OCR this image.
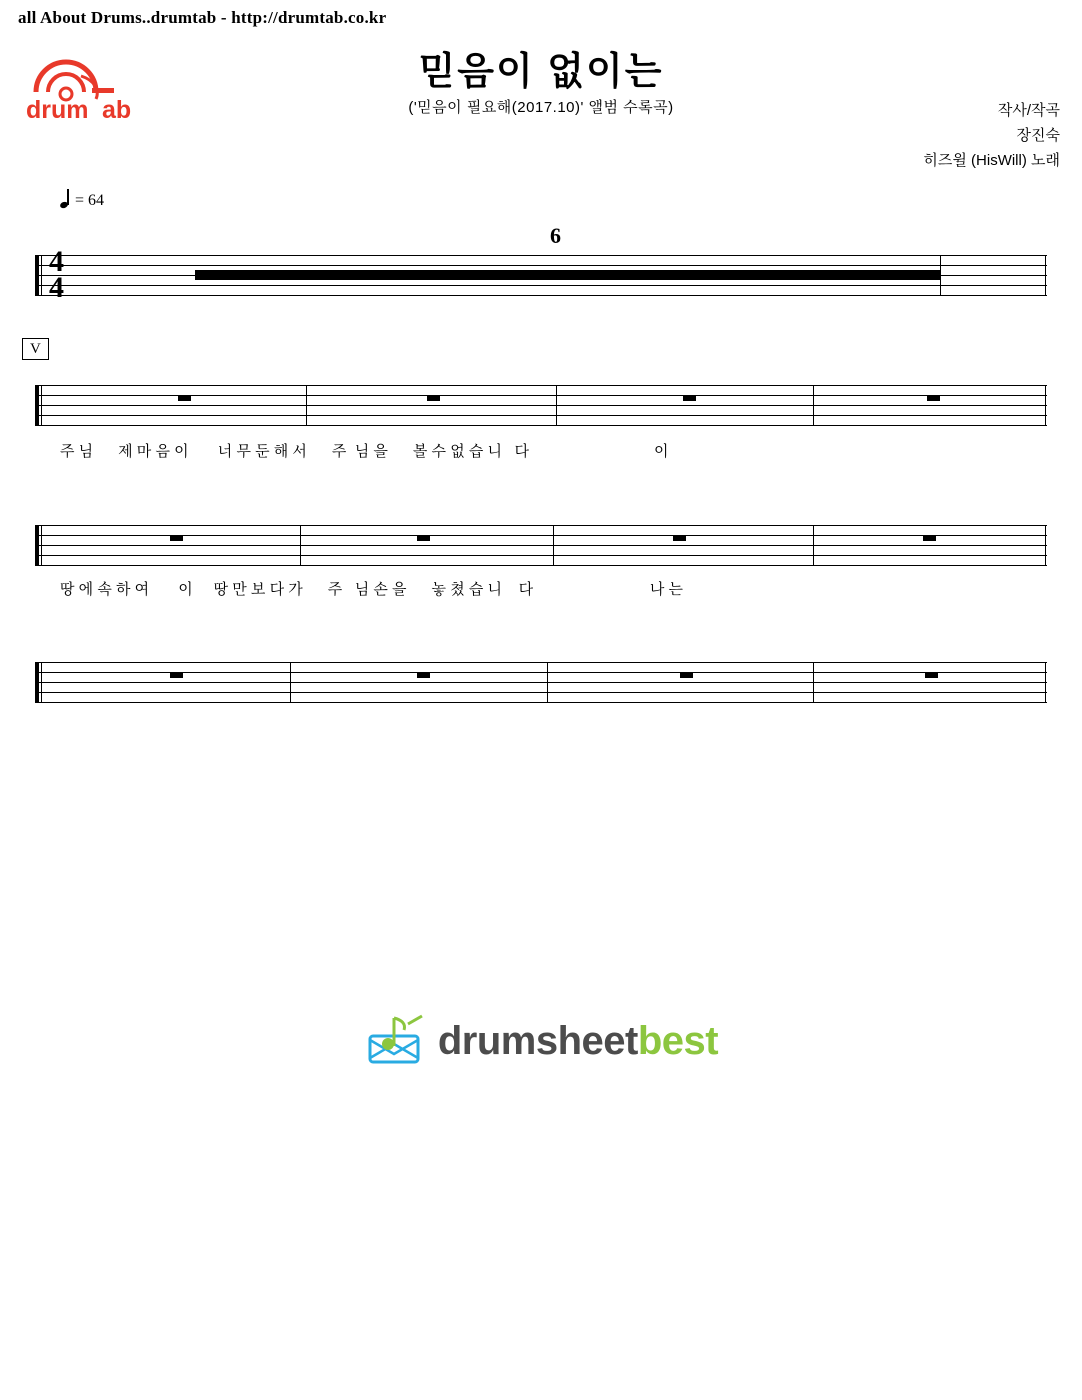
all About Drums..drumtab - http://drumtab.co.kr
drum ab
믿음이 없이는
('믿음이 필요해(2017.10)' 앨범 수록곡)	작사/작곡
장진숙
히즈윌 (HisWill) 노래
= 64
4
4
6
V
주 님      제 마 음 이       너 무 둔 해 서      주  님 을      볼 수 없 습 니   다                              이
땅 에 속 하 여       이     땅 만 보 다 가      주   님 손 을      놓 쳤 습 니    다                            나 는
drumsheetbest
